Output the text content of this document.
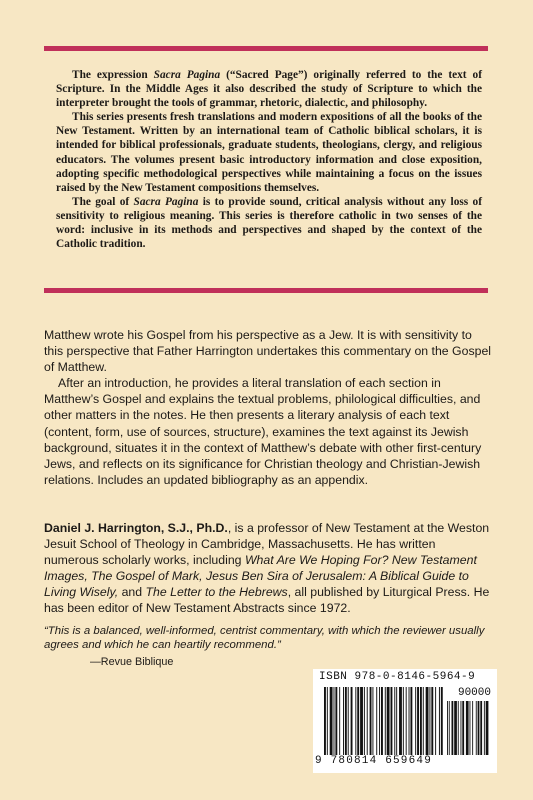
The expression Sacra Pagina (“Sacred Page”) originally referred to the text of Scripture. In the Middle Ages it also described the study of Scripture to which the interpreter brought the tools of grammar, rhetoric, dialectic, and philosophy.

This series presents fresh translations and modern expositions of all the books of the New Testament. Written by an international team of Catholic biblical scholars, it is intended for biblical professionals, graduate students, theologians, clergy, and religious educators. The volumes present basic introductory information and close exposition, adopting specific methodological perspectives while maintaining a focus on the issues raised by the New Testament compositions themselves.

The goal of Sacra Pagina is to provide sound, critical analysis without any loss of sensitivity to religious meaning. This series is therefore catholic in two senses of the word: inclusive in its methods and perspectives and shaped by the context of the Catholic tradition.

Matthew wrote his Gospel from his perspective as a Jew. It is with sensitivity to this perspective that Father Harrington undertakes this commentary on the Gospel of Matthew.

After an introduction, he provides a literal translation of each section in Matthew’s Gospel and explains the textual problems, philological difficulties, and other matters in the notes. He then presents a literary analysis of each text (content, form, use of sources, structure), examines the text against its Jewish background, situates it in the context of Matthew’s debate with other first-century Jews, and reflects on its significance for Christian theology and Christian-Jewish relations. Includes an updated bibliography as an appendix.

Daniel J. Harrington, S.J., Ph.D., is a professor of New Testament at the Weston Jesuit School of Theology in Cambridge, Massachusetts. He has written numerous scholarly works, including What Are We Hoping For? New Testament Images, The Gospel of Mark, Jesus Ben Sira of Jerusalem: A Biblical Guide to Living Wisely, and The Letter to the Hebrews, all published by Liturgical Press. He has been editor of New Testament Abstracts since 1972.
“This is a balanced, well-informed, centrist commentary, with which the reviewer usually agrees and which he can heartily recommend.”
—Revue Biblique
ISBN 978-0-8146-5964-9
90000
9 780814 659649
